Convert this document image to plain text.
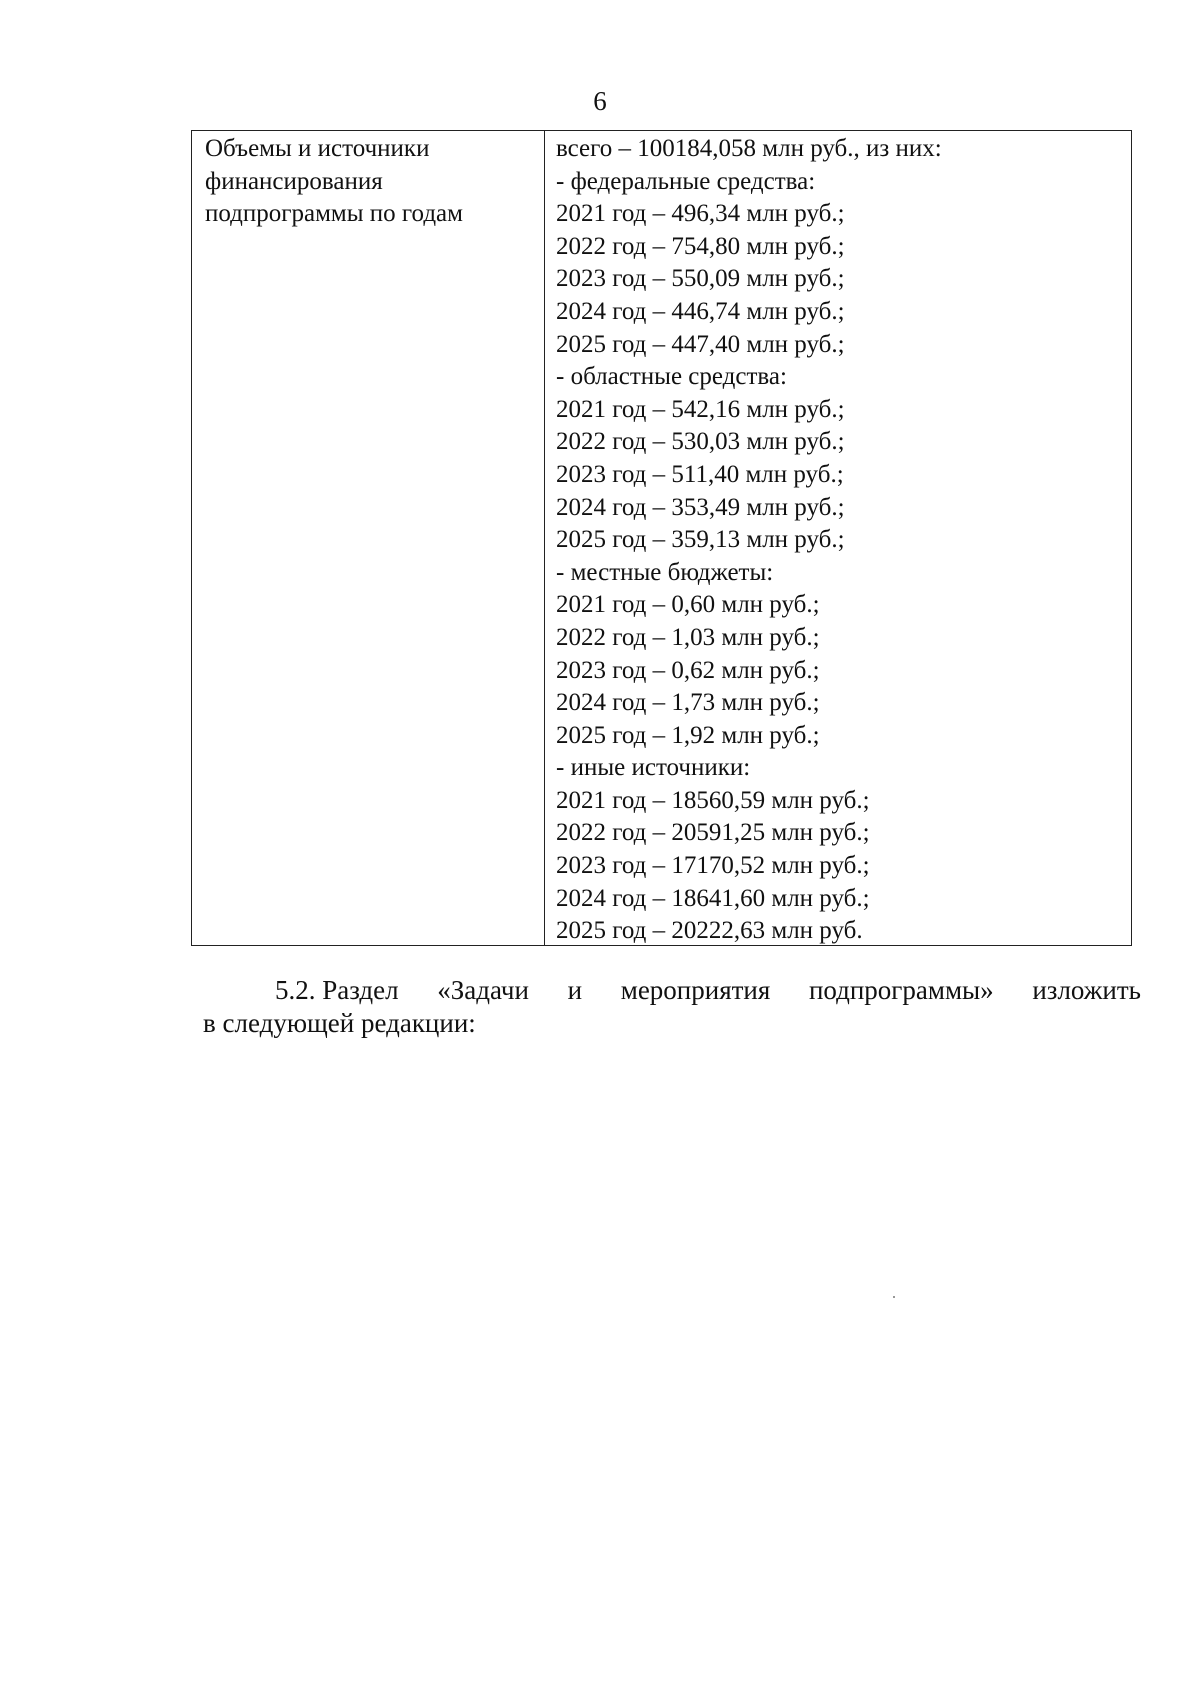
6
Объемы и источники
финансирования
подпрограммы по годам
всего – 100184,058 млн руб., из них:
- федеральные средства:
2021 год – 496,34 млн руб.;
2022 год – 754,80 млн руб.;
2023 год – 550,09 млн руб.;
2024 год – 446,74 млн руб.;
2025 год – 447,40 млн руб.;
- областные средства:
2021 год – 542,16 млн руб.;
2022 год – 530,03 млн руб.;
2023 год – 511,40 млн руб.;
2024 год – 353,49 млн руб.;
2025 год – 359,13 млн руб.;
- местные бюджеты:
2021 год – 0,60 млн руб.;
2022 год – 1,03 млн руб.;
2023 год – 0,62 млн руб.;
2024 год – 1,73 млн руб.;
2025 год – 1,92 млн руб.;
- иные источники:
2021 год – 18560,59 млн руб.;
2022 год – 20591,25 млн руб.;
2023 год – 17170,52 млн руб.;
2024 год – 18641,60 млн руб.;
2025 год – 20222,63 млн руб.
5.2. Раздел «Задачи и мероприятия подпрограммы» изложить
в следующей редакции:
